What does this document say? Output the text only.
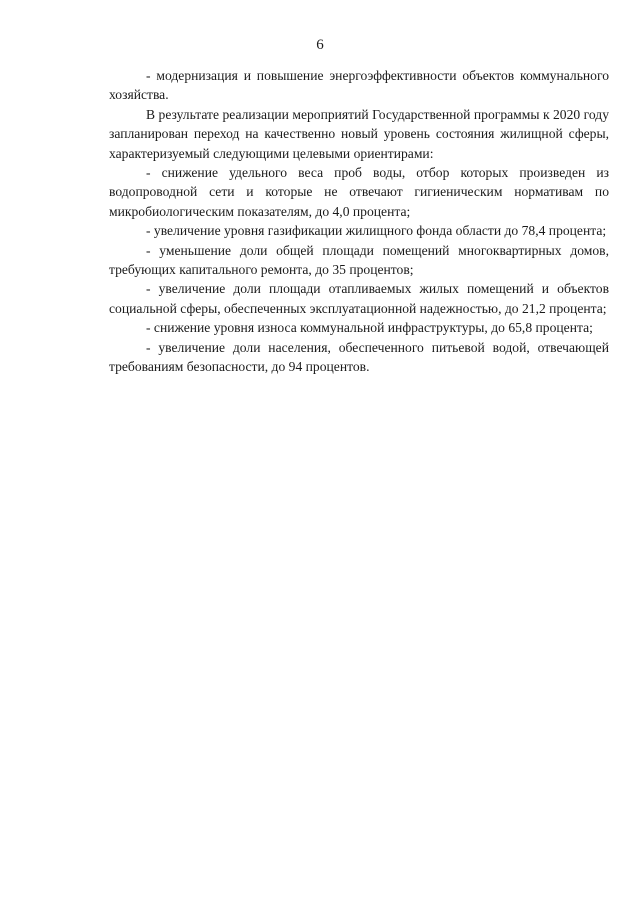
6

- модернизация и повышение энергоэффективности объектов коммунального хозяйства.

В результате реализации мероприятий Государственной программы к 2020 году запланирован переход на качественно новый уровень состояния жилищной сферы, характеризуемый следующими целевыми ориентирами:

- снижение удельного веса проб воды, отбор которых произведен из водопроводной сети и которые не отвечают гигиеническим нормативам по микробиологическим показателям, до 4,0 процента;

- увеличение уровня газификации жилищного фонда области до 78,4 процента;

- уменьшение доли общей площади помещений многоквартирных домов, требующих капитального ремонта, до 35 процентов;

- увеличение доли площади отапливаемых жилых помещений и объектов социальной сферы, обеспеченных эксплуатационной надежностью, до 21,2 процента;

- снижение уровня износа коммунальной инфраструктуры, до 65,8 процента;

- увеличение доли населения, обеспеченного питьевой водой, отвечающей требованиям безопасности, до 94 процентов.
